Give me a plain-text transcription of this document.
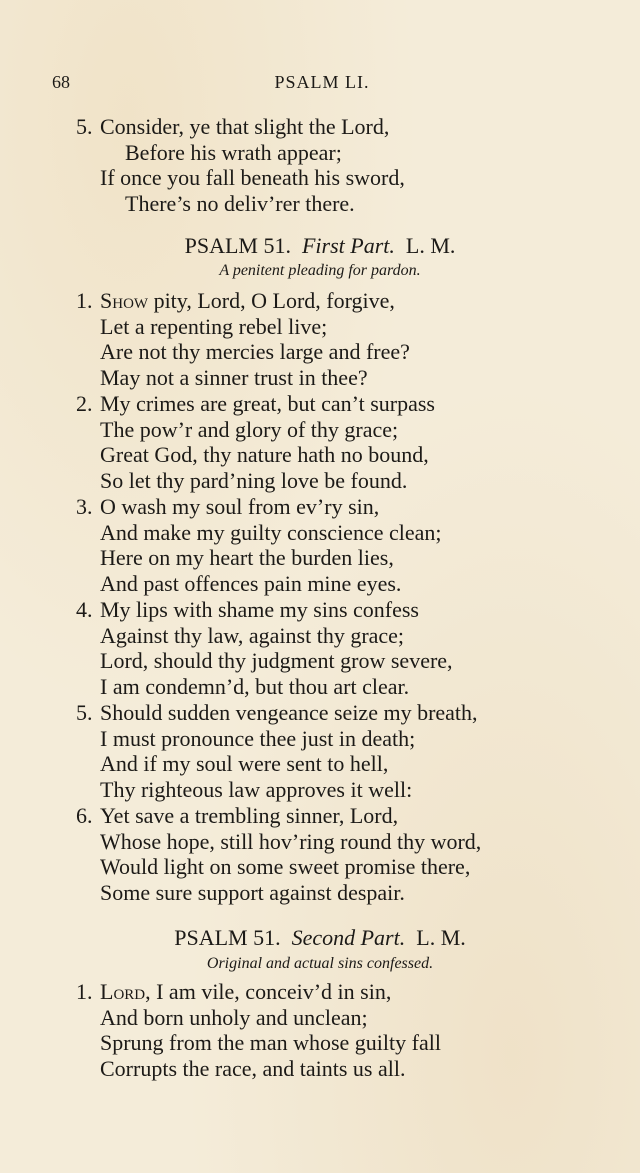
68	PSALM LI.
5. Consider, ye that slight the Lord,
Before his wrath appear;
If once you fall beneath his sword,
There’s no deliv’rer there.
PSALM 51. First Part. L. M.
A penitent pleading for pardon.
1. Show pity, Lord, O Lord, forgive,
Let a repenting rebel live;
Are not thy mercies large and free?
May not a sinner trust in thee?
2. My crimes are great, but can’t surpass
The pow’r and glory of thy grace;
Great God, thy nature hath no bound,
So let thy pard’ning love be found.
3. O wash my soul from ev’ry sin,
And make my guilty conscience clean;
Here on my heart the burden lies,
And past offences pain mine eyes.
4. My lips with shame my sins confess
Against thy law, against thy grace;
Lord, should thy judgment grow severe,
I am condemn’d, but thou art clear.
5. Should sudden vengeance seize my breath,
I must pronounce thee just in death;
And if my soul were sent to hell,
Thy righteous law approves it well:
6. Yet save a trembling sinner, Lord,
Whose hope, still hov’ring round thy word,
Would light on some sweet promise there,
Some sure support against despair.
PSALM 51. Second Part. L. M.
Original and actual sins confessed.
1. Lord, I am vile, conceiv’d in sin,
And born unholy and unclean;
Sprung from the man whose guilty fall
Corrupts the race, and taints us all.
